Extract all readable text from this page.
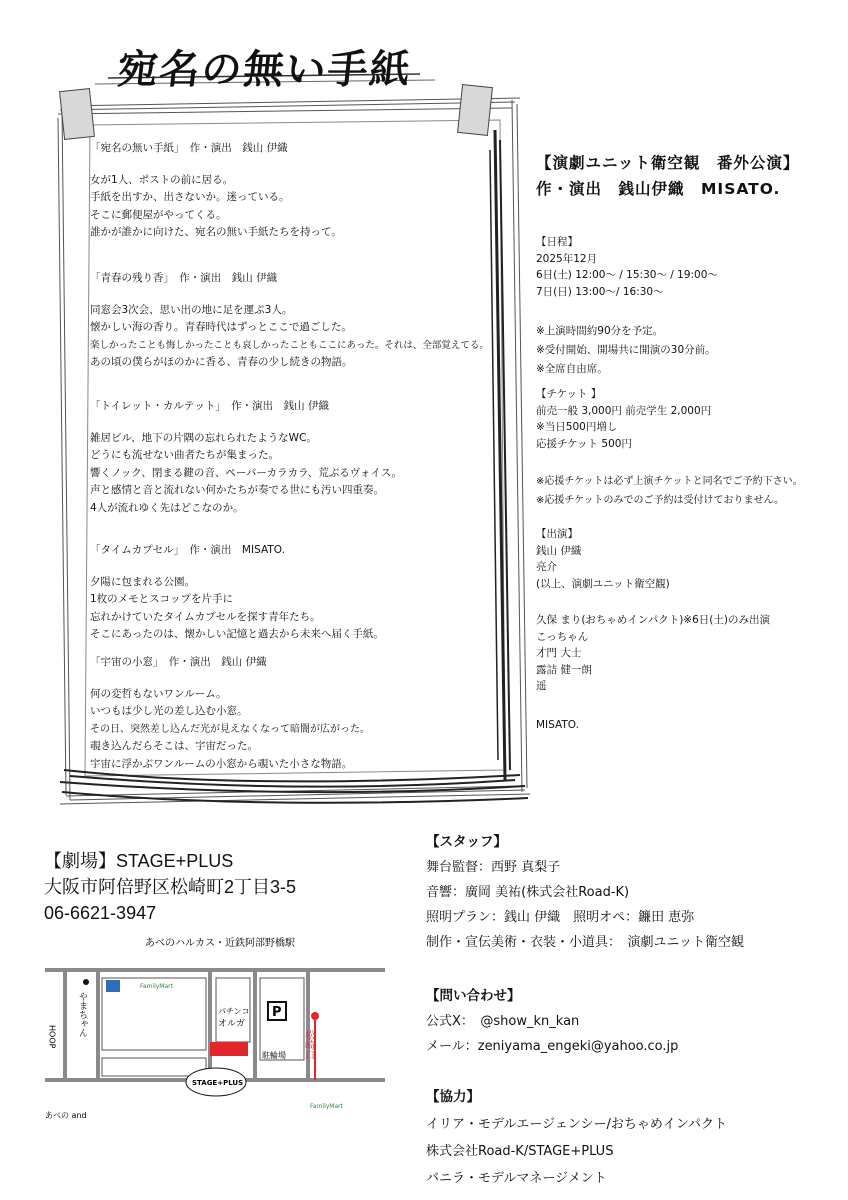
宛名の無い手紙

「宛名の無い手紙」　作・演出　銭山 伊織

女が1人、ポストの前に居る。

手紙を出すか、出さないか。迷っている。

そこに郵便屋がやってくる。

誰かが誰かに向けた、宛名の無い手紙たちを持って。

「青春の残り香」　作・演出　銭山 伊織

同窓会3次会、思い出の地に足を運ぶ3人。

懐かしい海の香り。青春時代はずっとここで過ごした。

楽しかったことも悔しかったことも哀しかったこともここにあった。それは、全部覚えてる。

あの頃の僕らがほのかに香る、青春の少し続きの物語。

「トイレット・カルテット」　作・演出　銭山 伊織

雑居ビル、地下の片隅の忘れられたようなWC。

どうにも流せない曲者たちが集まった。

響くノック、閉まる鍵の音、ペーパーカラカラ、荒ぶるヴォイス。

声と感情と音と流れない何かたちが奏でる世にも汚い四重奏。

4人が流れゆく先はどこなのか。

「タイムカプセル」　作・演出　MISATO.

夕陽に包まれる公園。

1枚のメモとスコップを片手に

忘れかけていたタイムカプセルを探す青年たち。

そこにあったのは、懐かしい記憶と過去から未来へ届く手紙。

「宇宙の小窓」　作・演出　銭山 伊織

何の変哲もないワンルーム。

いつもは少し光の差し込む小窓。

その日、突然差し込んだ光が見えなくなって暗闇が広がった。

覗き込んだらそこは、宇宙だった。

宇宙に浮かぶワンルームの小窓から覗いた小さな物語。

【演劇ユニット衛空観　番外公演】
作・演出　銭山伊織　MISATO.

【日程】

2025年12月

6日(土) 12:00～ / 15:30～ / 19:00～

7日(日) 13:00～/ 16:30～

※上演時間約90分を予定。

※受付開始、開場共に開演の30分前。

※全席自由席。

【チケット 】

前売一般 3,000円 前売学生 2,000円

※当日500円増し

応援チケット 500円

※応援チケットは必ず上演チケットと同名でご予約下さい。

※応援チケットのみでのご予約は受付けておりません。

【出演】

銭山 伊織

亮介

(以上、演劇ユニット衛空観)

久保 まり(おちゃめインパクト)※6日(土)のみ出演

こっちゃん

才門 大士

露詰 健一朗

遥

MISATO.

【劇場】STAGE+PLUS
大阪市阿倍野区松崎町2丁目3-5
06-6621-3947
あべのハルカス・近鉄阿部野橋駅
やまちゃん
HOOP
FamilyMart
パチンコ
オルガ
P
駐輪場
STAGE+PLUS
松崎口
FamilyMart
あべの and

【スタッフ】

舞台監督：西野 真梨子

音響：廣岡 美祐(株式会社Road-K)

照明プラン：銭山 伊織　照明オペ：鐮田 恵弥

制作・宣伝美術・衣装・小道具：　演劇ユニット衛空観

【問い合わせ】

公式X：　@show_kn_kan

メール：zeniyama_engeki@yahoo.co.jp

【協力】

イリア・モデルエージェンシー/おちゃめインパクト

株式会社Road-K/STAGE+PLUS

バニラ・モデルマネージメント
